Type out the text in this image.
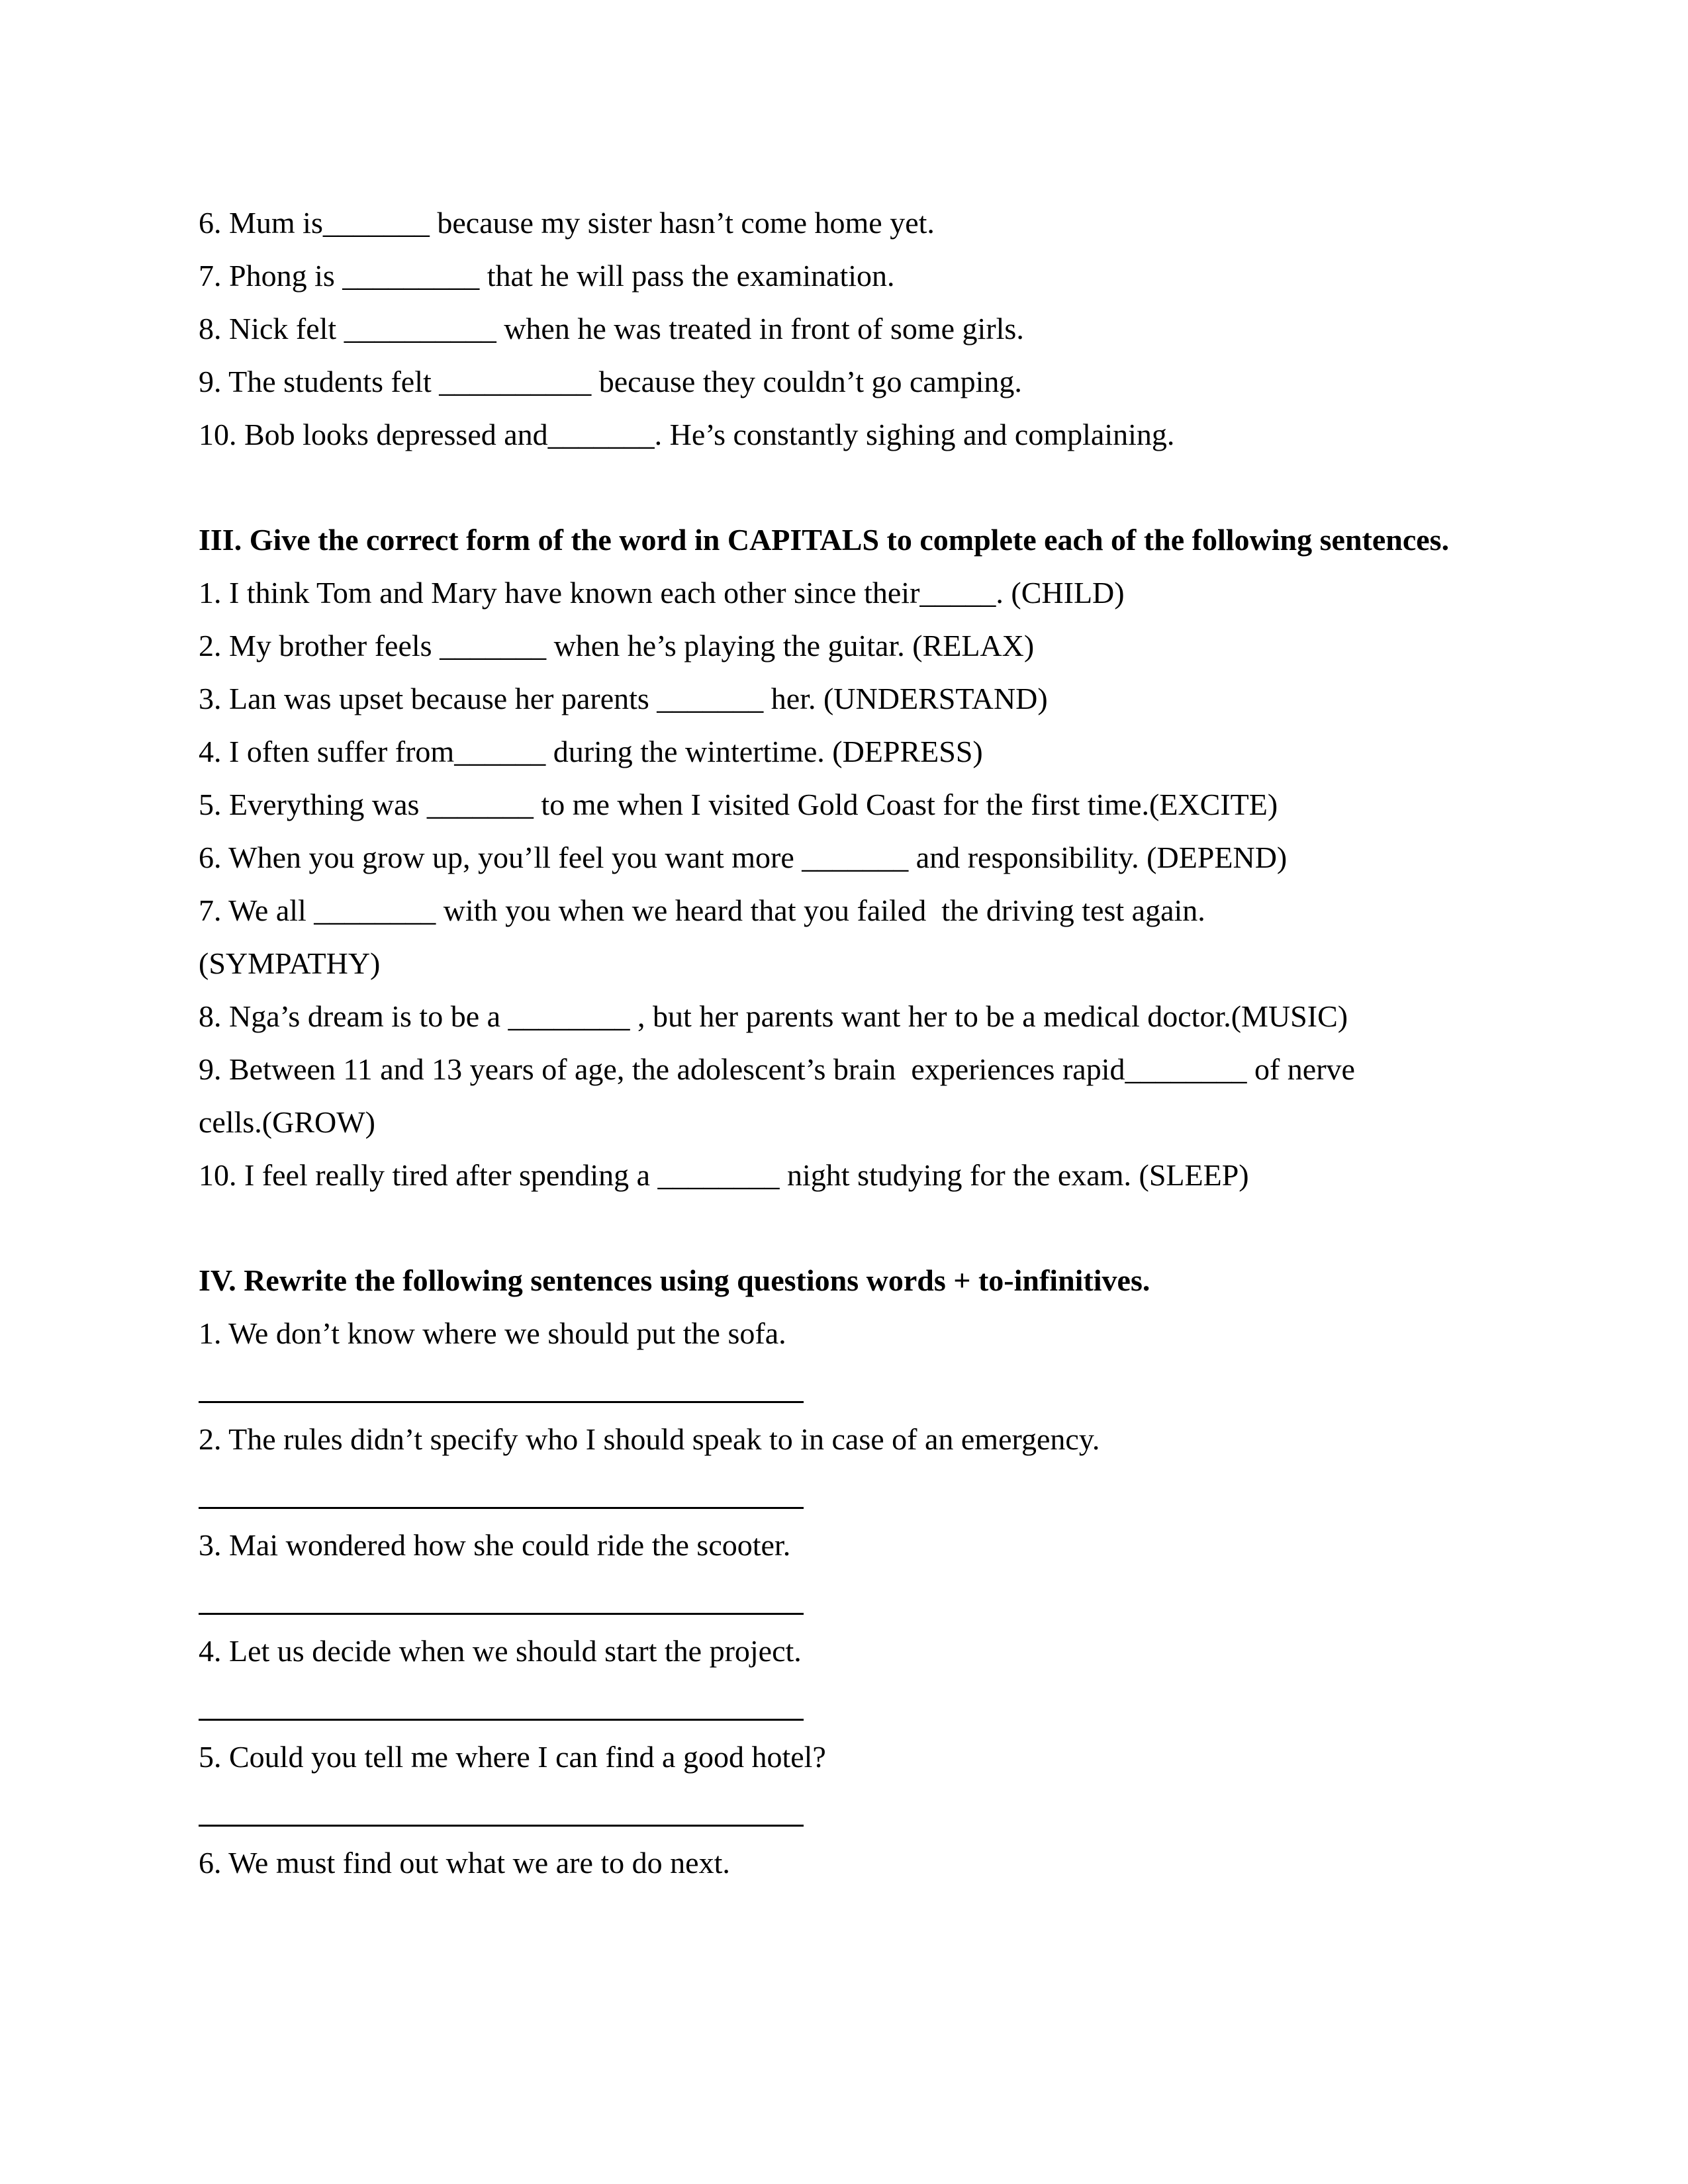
6. Mum is_______ because my sister hasn’t come home yet.

7. Phong is _________ that he will pass the examination.

8. Nick felt __________ when he was treated in front of some girls.

9. The students felt __________ because they couldn’t go camping.

10. Bob looks depressed and_______. He’s constantly sighing and complaining.

III. Give the correct form of the word in CAPITALS to complete each of the following sentences.

1. I think Tom and Mary have known each other since their_____. (CHILD)

2. My brother feels _______ when he’s playing the guitar. (RELAX)

3. Lan was upset because her parents _______ her. (UNDERSTAND)

4. I often suffer from______ during the wintertime. (DEPRESS)

5. Everything was _______ to me when I visited Gold Coast for the first time.(EXCITE)

6. When you grow up, you’ll feel you want more _______ and responsibility. (DEPEND)

7. We all ________ with you when we heard that you failed  the driving test again.

(SYMPATHY)

8. Nga’s dream is to be a ________ , but her parents want her to be a medical doctor.(MUSIC)

9. Between 11 and 13 years of age, the adolescent’s brain  experiences rapid________ of nerve

cells.(GROW)

10. I feel really tired after spending a ________ night studying for the exam. (SLEEP)

IV. Rewrite the following sentences using questions words + to-infinitives.

1. We don’t know where we should put the sofa.

2. The rules didn’t specify who I should speak to in case of an emergency.

3. Mai wondered how she could ride the scooter.

4. Let us decide when we should start the project.

5. Could you tell me where I can find a good hotel?

6. We must find out what we are to do next.
